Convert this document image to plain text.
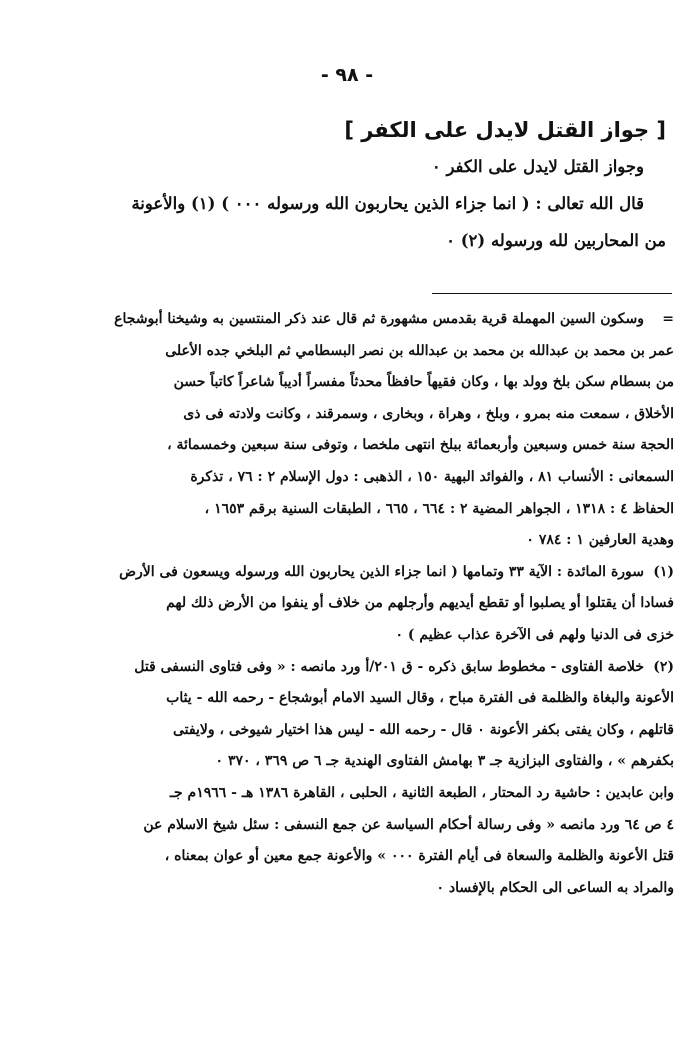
- ٩٨ -

[ جواز القتل لايدل على الكفر ]

وجواز القتل لايدل على الكفر ٠

قال الله تعالى : ( انما جزاء الذين يحاربون الله ورسوله ٠٠٠ ) (١) والأعونة

من المحاربين لله ورسوله (٢) ٠

=
وسكون السين المهملة قرية بقدمس مشهورة ثم قال عند ذكر المنتسين به وشيخنا أبوشجاع
عمر بن محمد بن عبدالله بن محمد بن عبدالله بن نصر البسطامي ثم البلخي جده الأعلى
من بسطام سكن بلخ وولد بها ، وكان فقيهاً حافظاً محدثاً مفسراً أديباً شاعراً كاتباً حسن
الأخلاق ، سمعت منه بمرو ، وبلخ ، وهراة ، وبخارى ، وسمرقند ، وكانت ولادته فى ذى
الحجة سنة خمس وسبعين وأربعمائة ببلخ انتهى ملخصا ، وتوفى سنة سبعين وخمسمائة ،
السمعانى : الأنساب ٨١ ، والفوائد البهية ١٥٠ ، الذهبى : دول الإسلام ٢ : ٧٦ ، تذكرة
الحفاظ ٤ : ١٣١٨ ، الجواهر المضية ٢ : ٦٦٤ ، ٦٦٥ ، الطبقات السنية برقم ١٦٥٣ ،
وهدية العارفين ١ : ٧٨٤ ٠
(١)
سورة المائدة : الآية ٣٣ وتمامها ( انما جزاء الذين يحاربون الله ورسوله ويسعون فى الأرض
فسادا أن يقتلوا أو يصلبوا أو تقطع أيديهم وأرجلهم من خلاف أو ينفوا من الأرض ذلك لهم
خزى فى الدنيا ولهم فى الآخرة عذاب عظيم ) ٠
(٢)
خلاصة الفتاوى - مخطوط سابق ذكره - ق ٢٠١/أ ورد مانصه : « وفى فتاوى النسفى قتل
الأعونة والبغاة والظلمة فى الفترة مباح ، وقال السيد الامام أبوشجاع - رحمه الله - يثاب
قاتلهم ، وكان يفتى بكفر الأعونة ٠ قال - رحمه الله - ليس هذا اختيار شيوخى ، ولايفتى
بكفرهم » ، والفتاوى البزازية جـ ٣ بهامش الفتاوى الهندية جـ ٦ ص ٣٦٩ ، ٣٧٠ ٠
وابن عابدين : حاشية رد المحتار ، الطبعة الثانية ، الحلبى ، القاهرة ١٣٨٦ هـ - ١٩٦٦م جـ
٤ ص ٦٤ ورد مانصه « وفى رسالة أحكام السياسة عن جمع النسفى : سئل شيخ الاسلام عن
قتل الأعونة والظلمة والسعاة فى أيام الفترة ٠٠٠ » والأعونة جمع معين أو عوان بمعناه ،
والمراد به الساعى الى الحكام بالإفساد ٠
